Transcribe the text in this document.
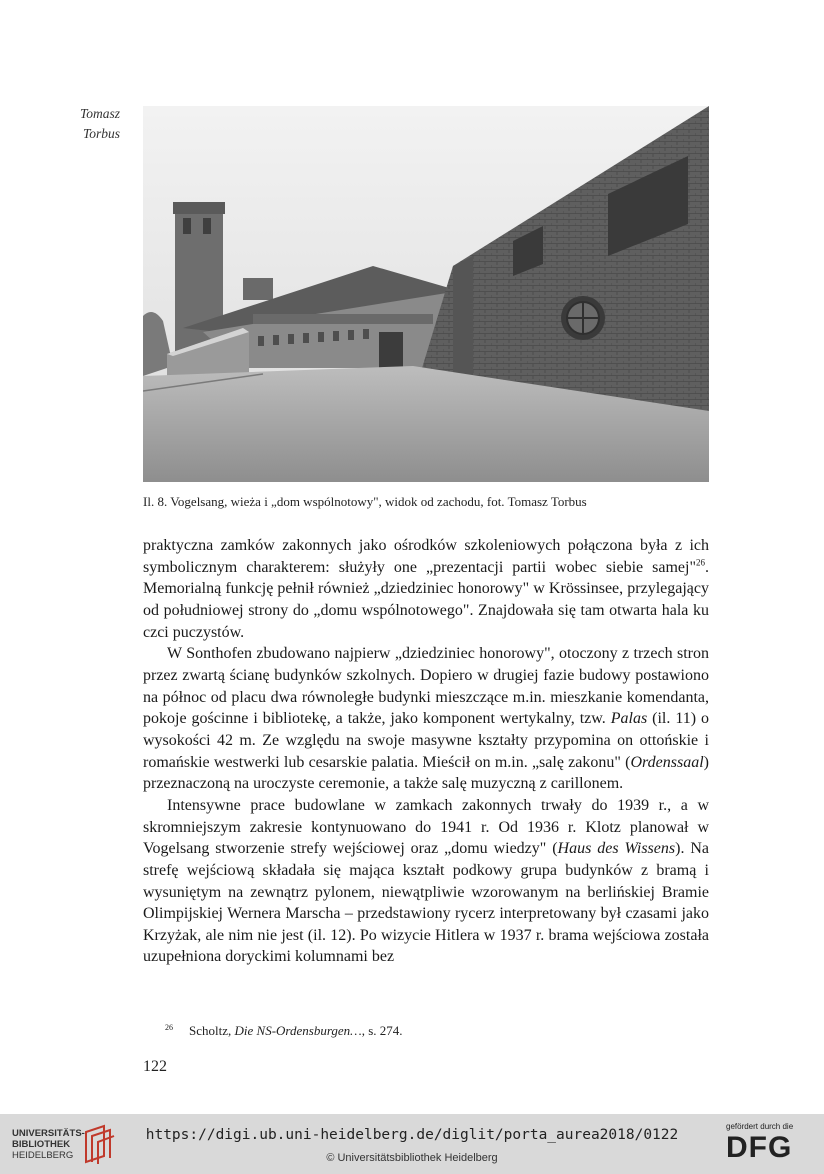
Tomasz
Torbus
Il. 8. Vogelsang, wieża i „dom wspólnotowy", widok od zachodu, fot. Tomasz Torbus

praktyczna zamków zakonnych jako ośrodków szkoleniowych połączona była z ich symbolicznym charakterem: służyły one „prezentacji partii wobec siebie samej"$^{26}$. Memorialną funkcję pełnił również „dziedziniec honorowy" w Krössinsee, przylegający od południowej strony do „domu wspólnotowego". Znajdowała się tam otwarta hala ku czci puczystów.

W Sonthofen zbudowano najpierw „dziedziniec honorowy", otoczony z trzech stron przez zwartą ścianę budynków szkolnych. Dopiero w drugiej fazie budowy postawiono na północ od placu dwa równoległe budynki mieszczące m.in. mieszkanie komendanta, pokoje gościnne i bibliotekę, a także, jako komponent wertykalny, tzw. Palas (il. 11) o wysokości 42 m. Ze względu na swoje masywne kształty przypomina on ottońskie i romańskie westwerki lub cesarskie palatia. Mieścił on m.in. „salę zakonu" (Ordenssaal) przeznaczoną na uroczyste ceremonie, a także salę muzyczną z carillonem.

Intensywne prace budowlane w zamkach zakonnych trwały do 1939 r., a w skromniejszym zakresie kontynuowano do 1941 r. Od 1936 r. Klotz planował w Vogelsang stworzenie strefy wejściowej oraz „domu wiedzy" (Haus des Wissens). Na strefę wejściową składała się mająca kształt podkowy grupa budynków z bramą i wysuniętym na zewnątrz pylonem, niewątpliwie wzorowanym na berlińskiej Bramie Olimpijskiej Wernera Marscha – przedstawiony rycerz interpretowany był czasami jako Krzyżak, ale nim nie jest (il. 12). Po wizycie Hitlera w 1937 r. brama wejściowa została uzupełniona doryckimi kolumnami bez

26 Scholtz, Die NS-Ordensburgen…, s. 274.
122
UNIVERSITÄTS-
BIBLIOTHEK
HEIDELBERG
https://digi.ub.uni-heidelberg.de/diglit/porta_aurea2018/0122
© Universitätsbibliothek Heidelberg
gefördert durch die
DFG
